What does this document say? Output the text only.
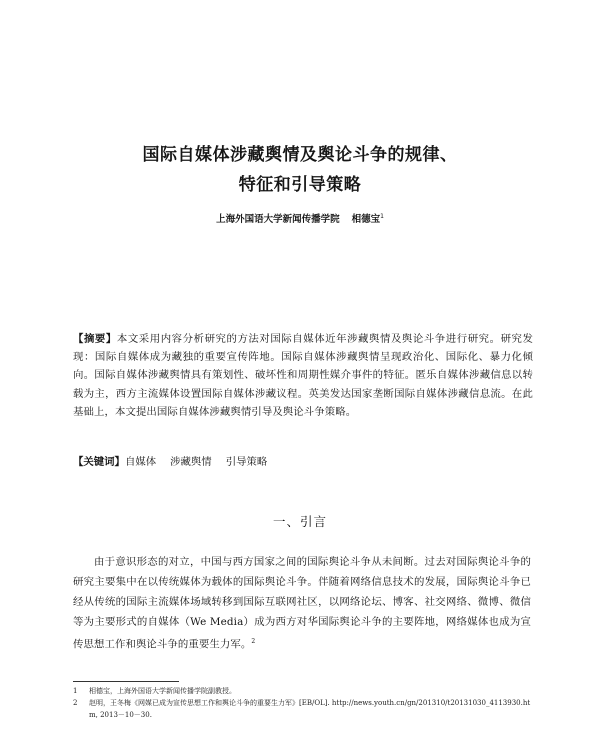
国际自媒体涉藏舆情及舆论斗争的规律、
特征和引导策略
上海外国语大学新闻传播学院 相德宝$^1$
【摘要】本文采用内容分析研究的方法对国际自媒体近年涉藏舆情及舆论斗争进行研究。研究发现：国际自媒体成为藏独的重要宣传阵地。国际自媒体涉藏舆情呈现政治化、国际化、暴力化倾向。国际自媒体涉藏舆情具有策划性、破坏性和周期性媒介事件的特征。匿乐自媒体涉藏信息以转载为主，西方主流媒体设置国际自媒体涉藏议程。英美发达国家垄断国际自媒体涉藏信息流。在此基础上，本文提出国际自媒体涉藏舆情引导及舆论斗争策略。
【关键词】自媒体 涉藏舆情 引导策略
一、引言
由于意识形态的对立，中国与西方国家之间的国际舆论斗争从未间断。过去对国际舆论斗争的研究主要集中在以传统媒体为载体的国际舆论斗争。伴随着网络信息技术的发展，国际舆论斗争已经从传统的国际主流媒体场域转移到国际互联网社区，以网络论坛、博客、社交网络、微博、微信等为主要形式的自媒体（We Media）成为西方对华国际舆论斗争的主要阵地，网络媒体也成为宣传思想工作和舆论斗争的重要生力军。$^2$
1	相德宝，上海外国语大学新闻传播学院副教授。
2	赵明，王冬梅《网媒已成为宣传思想工作和舆论斗争的重要生力军》[EB/OL]. http://news.youth.cn/gn/201310/t20131030_4113930.htm, 2013－10－30.
